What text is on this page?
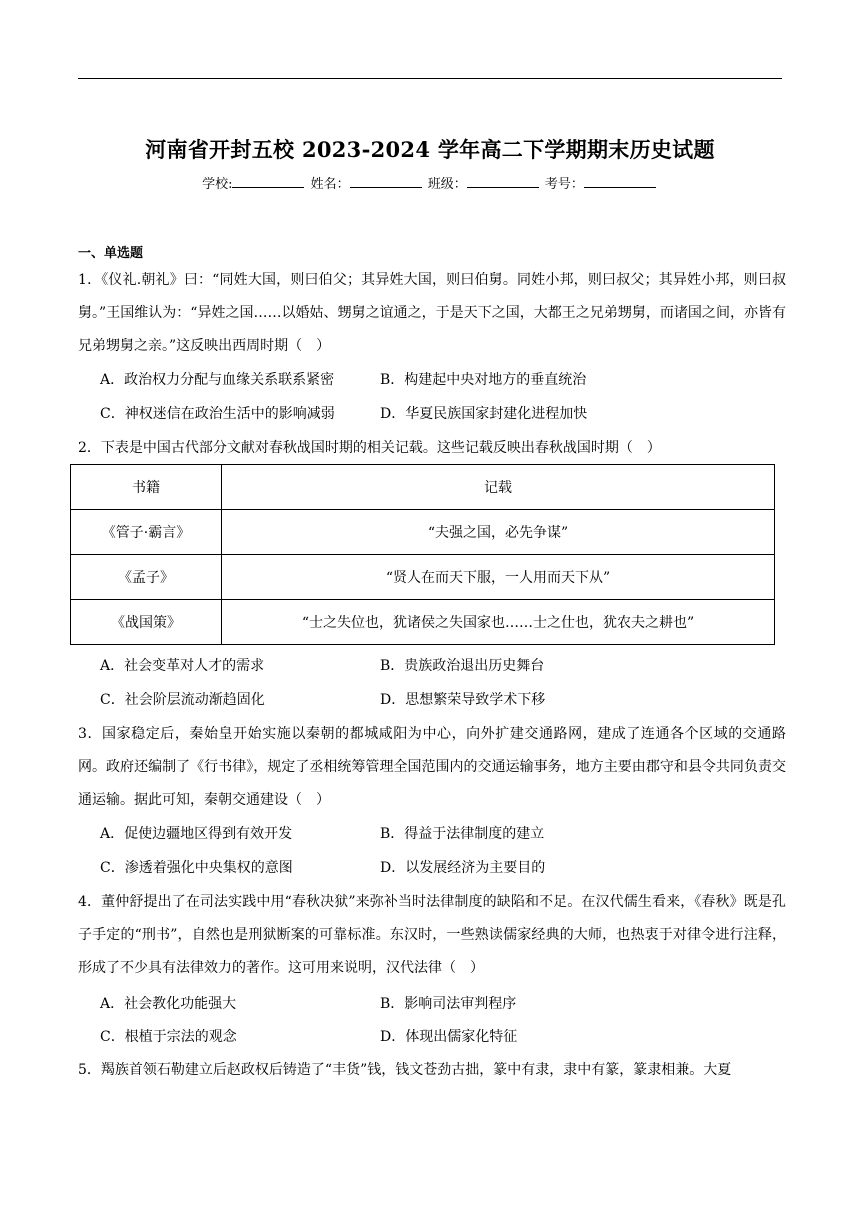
河南省开封五校 2023-2024 学年高二下学期期末历史试题
学校:	姓名：	班级：	考号：
一、单选题
1．《仪礼.朝礼》曰：“同姓大国，则曰伯父；其异姓大国，则曰伯舅。同姓小邦，则曰叔父；其异姓小邦，则曰叔舅。”王国维认为：“异姓之国……以婚姑、甥舅之谊通之，于是天下之国，大都王之兄弟甥舅，而诸国之间，亦皆有兄弟甥舅之亲。”这反映出西周时期（　）
A．政治权力分配与血缘关系联系紧密	B．构建起中央对地方的垂直统治
C．神权迷信在政治生活中的影响减弱	D．华夏民族国家封建化进程加快
2．下表是中国古代部分文献对春秋战国时期的相关记载。这些记载反映出春秋战国时期（　）
书籍	记载
《管子·霸言》	“夫强之国，必先争谋”
《孟子》	“贤人在而天下服，一人用而天下从”
《战国策》	“士之失位也，犹诸侯之失国家也……士之仕也，犹农夫之耕也”
A．社会变革对人才的需求	B．贵族政治退出历史舞台
C．社会阶层流动渐趋固化	D．思想繁荣导致学术下移
3．国家稳定后，秦始皇开始实施以秦朝的都城咸阳为中心，向外扩建交通路网，建成了连通各个区域的交通路网。政府还编制了《行书律》，规定了丞相统筹管理全国范围内的交通运输事务，地方主要由郡守和县令共同负责交通运输。据此可知，秦朝交通建设（　）
A．促使边疆地区得到有效开发	B．得益于法律制度的建立
C．渗透着强化中央集权的意图	D．以发展经济为主要目的
4．董仲舒提出了在司法实践中用“春秋决狱”来弥补当时法律制度的缺陷和不足。在汉代儒生看来，《春秋》既是孔子手定的“刑书”，自然也是刑狱断案的可靠标准。东汉时，一些熟读儒家经典的大师，也热衷于对律令进行注释，形成了不少具有法律效力的著作。这可用来说明，汉代法律（　）
A．社会教化功能强大	B．影响司法审判程序
C．根植于宗法的观念	D．体现出儒家化特征
5．羯族首领石勒建立后赵政权后铸造了“丰货”钱，钱文苍劲古拙，篆中有隶，隶中有篆，篆隶相兼。大夏
